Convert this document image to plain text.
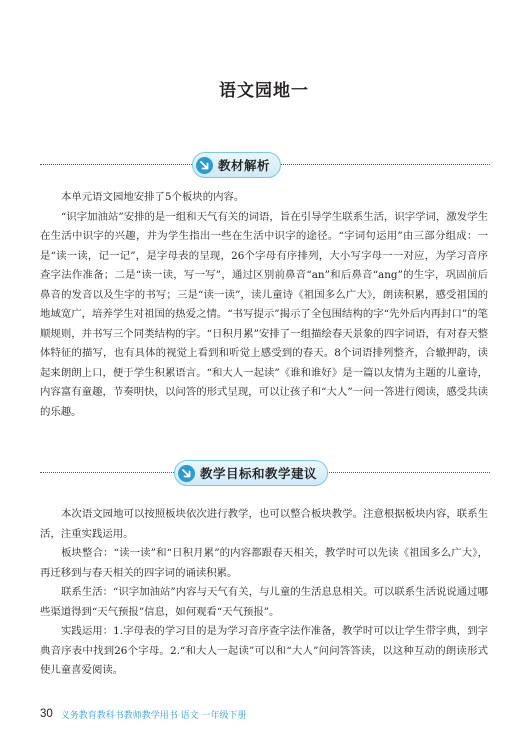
语文园地一
教材解析

本单元语文园地安排了5个板块的内容。

“识字加油站”安排的是一组和天气有关的词语，旨在引导学生联系生活，识字学词，激发学生在生活中识字的兴趣，并为学生指出一些在生活中识字的途径。“字词句运用”由三部分组成：一是“读一读，记一记”，是字母表的呈现，26个字母有序排列，大小写字母一一对应，为学习音序查字法作准备；二是“读一读，写一写”，通过区别前鼻音“an”和后鼻音“ang”的生字，巩固前后鼻音的发音以及生字的书写；三是“读一读”，读儿童诗《祖国多么广大》，朗读积累，感受祖国的地域宽广，培养学生对祖国的热爱之情。“书写提示”揭示了全包围结构的字“先外后内再封口”的笔顺规则，并书写三个同类结构的字。“日积月累”安排了一组描绘春天景象的四字词语，有对春天整体特征的描写，也有具体的视觉上看到和听觉上感受到的春天。8个词语排列整齐，合辙押韵，读起来朗朗上口，便于学生积累语言。“和大人一起读”《谁和谁好》是一篇以友情为主题的儿童诗，内容富有童趣，节奏明快，以问答的形式呈现，可以让孩子和“大人”一问一答进行阅读，感受共读的乐趣。

教学目标和教学建议

本次语文园地可以按照板块依次进行教学，也可以整合板块教学。注意根据板块内容，联系生活，注重实践运用。

板块整合：“读一读”和“日积月累”的内容都跟春天相关，教学时可以先读《祖国多么广大》，再迁移到与春天相关的四字词的诵读积累。

联系生活：“识字加油站”内容与天气有关，与儿童的生活息息相关。可以联系生活说说通过哪些渠道得到“天气预报”信息，如何观看“天气预报”。

实践运用：1.字母表的学习目的是为学习音序查字法作准备，教学时可以让学生带字典，到字典音序表中找到26个字母。2.“和大人一起读”可以和“大人”问问答答读，以这种互动的朗读形式使儿童喜爱阅读。

30 义务教育教科书教师教学用书 语文 一年级下册
